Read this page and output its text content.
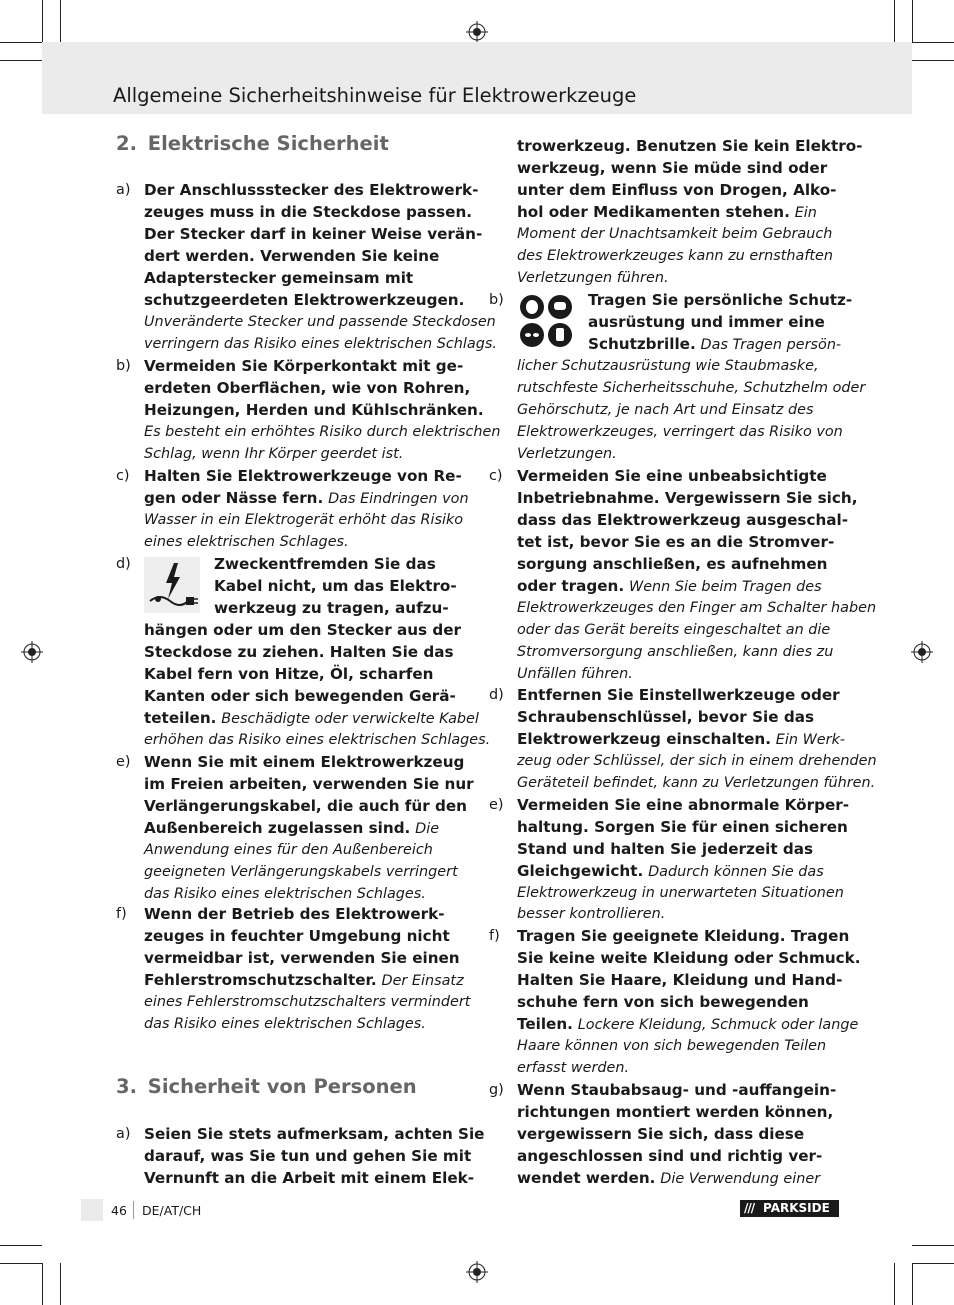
Allgemeine Sicherheitshinweise für Elektrowerkzeuge
2. Elektrische Sicherheit
a) Der Anschlussstecker des Elektrowerk-
zeuges muss in die Steckdose passen.
Der Stecker darf in keiner Weise verän-
dert werden. Verwenden Sie keine
Adapterstecker gemeinsam mit
schutzgeerdeten Elektrowerkzeugen.
Unveränderte Stecker und passende Steckdosen
verringern das Risiko eines elektrischen Schlags.
b) Vermeiden Sie Körperkontakt mit ge-
erdeten Oberflächen, wie von Rohren,
Heizungen, Herden und Kühlschränken.
Es besteht ein erhöhtes Risiko durch elektrischen
Schlag, wenn Ihr Körper geerdet ist.
c) Halten Sie Elektrowerkzeuge von Re-
gen oder Nässe fern. Das Eindringen von
Wasser in ein Elektrogerät erhöht das Risiko
eines elektrischen Schlages.
d)	Zweckentfremden Sie das
Kabel nicht, um das Elektro-
werkzeug zu tragen, aufzu-
hängen oder um den Stecker aus der
Steckdose zu ziehen. Halten Sie das
Kabel fern von Hitze, Öl, scharfen
Kanten oder sich bewegenden Gerä-
teteilen. Beschädigte oder verwickelte Kabel
erhöhen das Risiko eines elektrischen Schlages.
e) Wenn Sie mit einem Elektrowerkzeug
im Freien arbeiten, verwenden Sie nur
Verlängerungskabel, die auch für den
Außenbereich zugelassen sind. Die
Anwendung eines für den Außenbereich
geeigneten Verlängerungskabels verringert
das Risiko eines elektrischen Schlages.
f) Wenn der Betrieb des Elektrowerk-
zeuges in feuchter Umgebung nicht
vermeidbar ist, verwenden Sie einen
Fehlerstromschutzschalter. Der Einsatz
eines Fehlerstromschutzschalters vermindert
das Risiko eines elektrischen Schlages.
3. Sicherheit von Personen
a) Seien Sie stets aufmerksam, achten Sie
darauf, was Sie tun und gehen Sie mit
Vernunft an die Arbeit mit einem Elek-
trowerkzeug. Benutzen Sie kein Elektro-
werkzeug, wenn Sie müde sind oder
unter dem Einfluss von Drogen, Alko-
hol oder Medikamenten stehen. Ein
Moment der Unachtsamkeit beim Gebrauch
des Elektrowerkzeuges kann zu ernsthaften
Verletzungen führen.
b)	Tragen Sie persönliche Schutz-
ausrüstung und immer eine
Schutzbrille. Das Tragen persön-
licher Schutzausrüstung wie Staubmaske,
rutschfeste Sicherheitsschuhe, Schutzhelm oder
Gehörschutz, je nach Art und Einsatz des
Elektrowerkzeuges, verringert das Risiko von
Verletzungen.
c) Vermeiden Sie eine unbeabsichtigte
Inbetriebnahme. Vergewissern Sie sich,
dass das Elektrowerkzeug ausgeschal-
tet ist, bevor Sie es an die Stromver-
sorgung anschließen, es aufnehmen
oder tragen. Wenn Sie beim Tragen des
Elektrowerkzeuges den Finger am Schalter haben
oder das Gerät bereits eingeschaltet an die
Stromversorgung anschließen, kann dies zu
Unfällen führen.
d) Entfernen Sie Einstellwerkzeuge oder
Schraubenschlüssel, bevor Sie das
Elektrowerkzeug einschalten. Ein Werk-
zeug oder Schlüssel, der sich in einem drehenden
Geräteteil befindet, kann zu Verletzungen führen.
e) Vermeiden Sie eine abnormale Körper-
haltung. Sorgen Sie für einen sicheren
Stand und halten Sie jederzeit das
Gleichgewicht. Dadurch können Sie das
Elektrowerkzeug in unerwarteten Situationen
besser kontrollieren.
f) Tragen Sie geeignete Kleidung. Tragen
Sie keine weite Kleidung oder Schmuck.
Halten Sie Haare, Kleidung und Hand-
schuhe fern von sich bewegenden
Teilen. Lockere Kleidung, Schmuck oder lange
Haare können von sich bewegenden Teilen
erfasst werden.
g) Wenn Staubabsaug- und -auffangein-
richtungen montiert werden können,
vergewissern Sie sich, dass diese
angeschlossen sind und richtig ver-
wendet werden. Die Verwendung einer
46 DE/AT/CH	/// PARKSIDE
